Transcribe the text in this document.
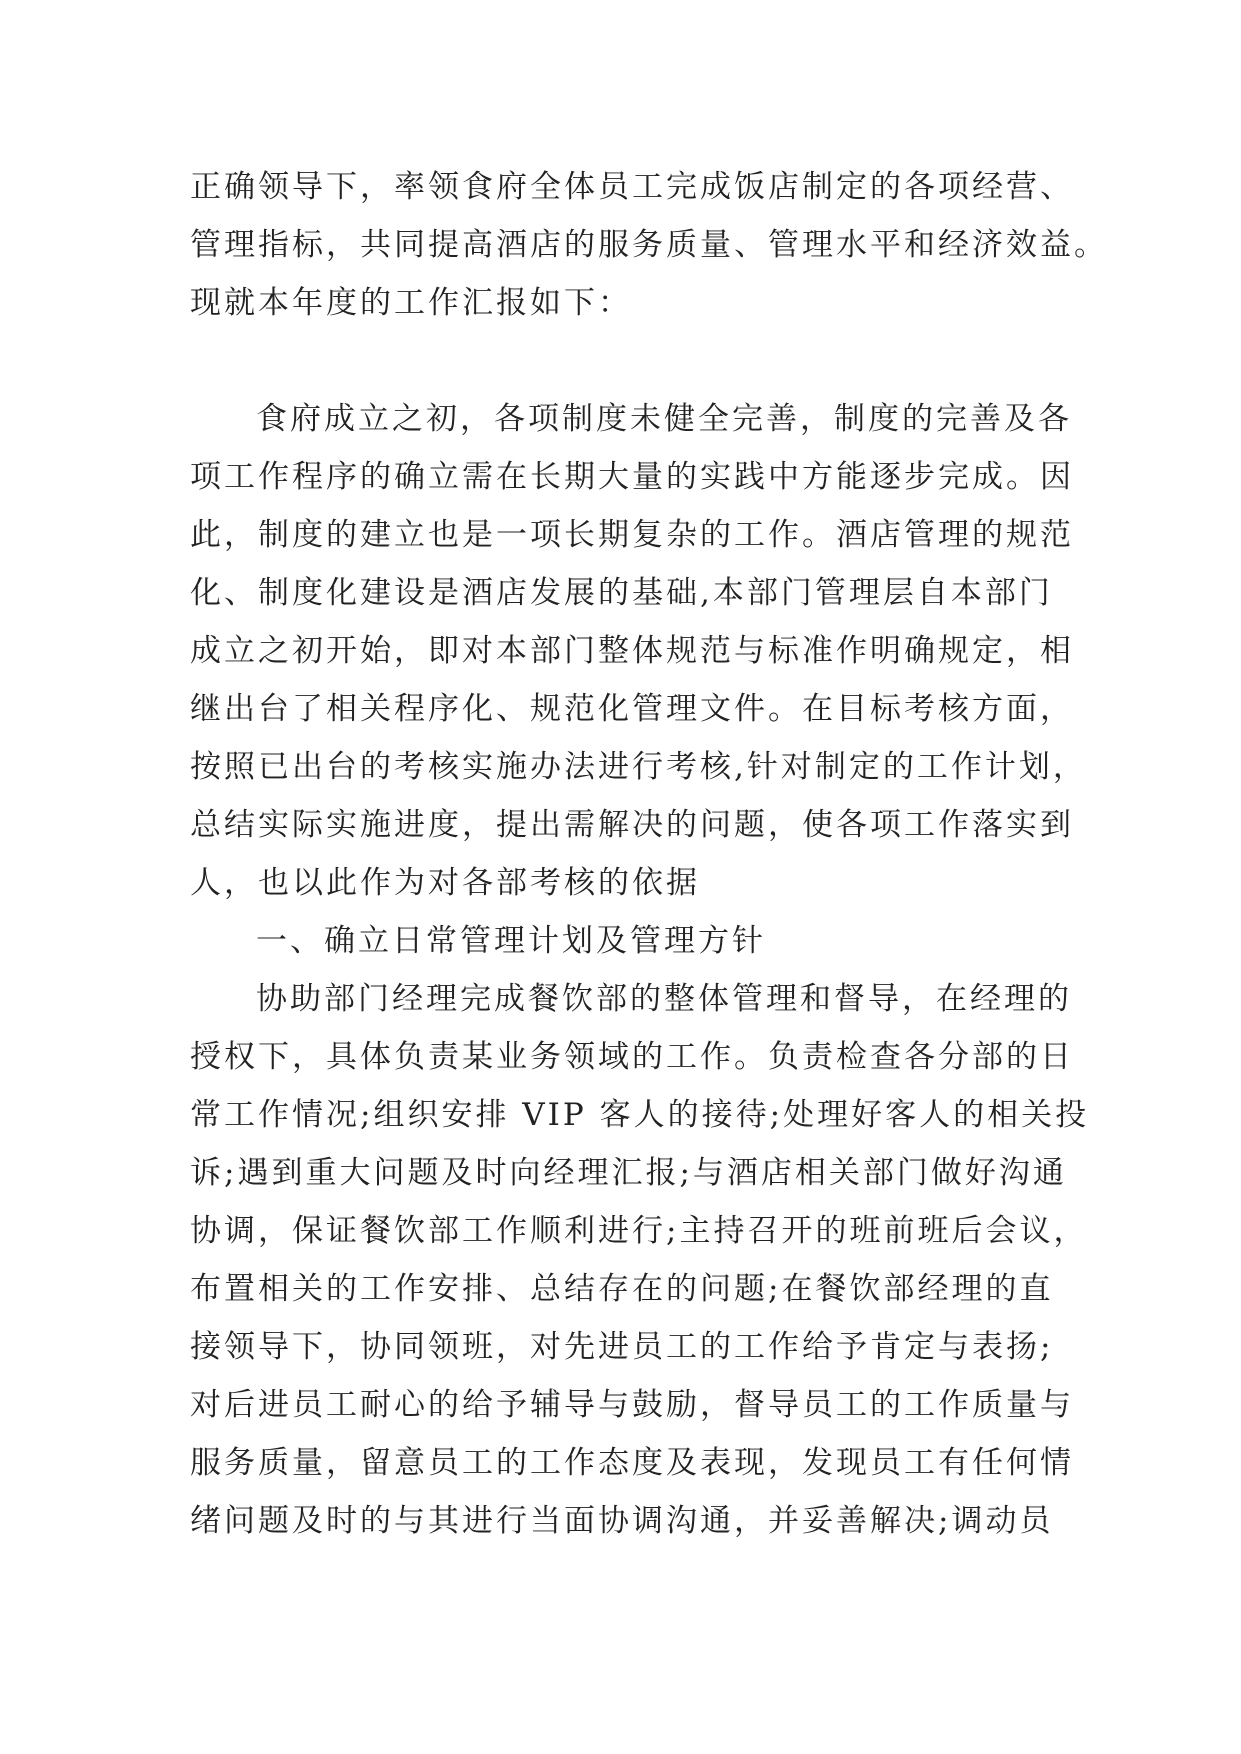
正确领导下，率领食府全体员工完成饭店制定的各项经营、
管理指标，共同提高酒店的服务质量、管理水平和经济效益。
现就本年度的工作汇报如下：
食府成立之初，各项制度未健全完善，制度的完善及各
项工作程序的确立需在长期大量的实践中方能逐步完成。因
此，制度的建立也是一项长期复杂的工作。酒店管理的规范
化、制度化建设是酒店发展的基础,本部门管理层自本部门
成立之初开始，即对本部门整体规范与标准作明确规定，相
继出台了相关程序化、规范化管理文件。在目标考核方面，
按照已出台的考核实施办法进行考核,针对制定的工作计划，
总结实际实施进度，提出需解决的问题，使各项工作落实到
人，也以此作为对各部考核的依据
一、确立日常管理计划及管理方针
协助部门经理完成餐饮部的整体管理和督导，在经理的
授权下，具体负责某业务领域的工作。负责检查各分部的日
常工作情况;组织安排 VIP 客人的接待;处理好客人的相关投
诉;遇到重大问题及时向经理汇报;与酒店相关部门做好沟通
协调，保证餐饮部工作顺利进行;主持召开的班前班后会议，
布置相关的工作安排、总结存在的问题;在餐饮部经理的直
接领导下，协同领班，对先进员工的工作给予肯定与表扬;
对后进员工耐心的给予辅导与鼓励，督导员工的工作质量与
服务质量，留意员工的工作态度及表现，发现员工有任何情
绪问题及时的与其进行当面协调沟通，并妥善解决;调动员
